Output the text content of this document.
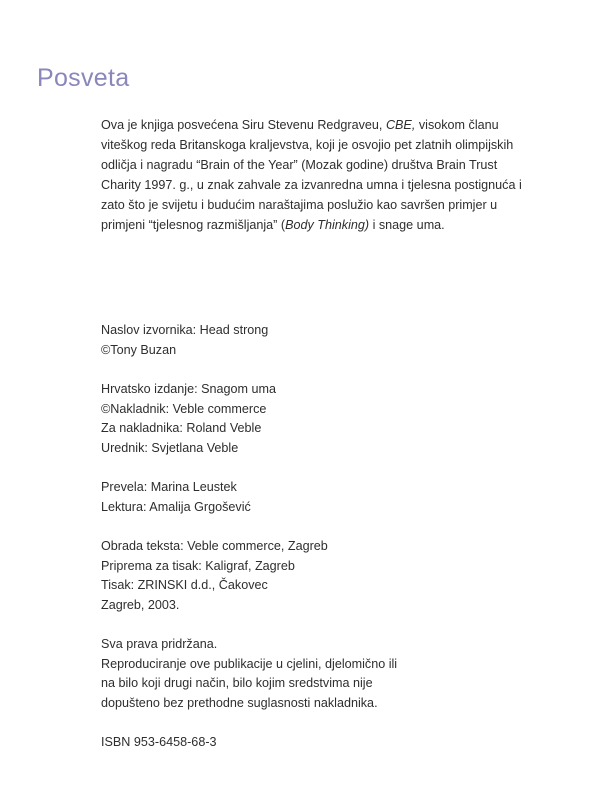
Posveta

Ova je knjiga posvećena Siru Stevenu Redgraveu, CBE, visokom članu
viteškog reda Britanskoga kraljevstva, koji je osvojio pet zlatnih olimpijskih
odličja i nagradu “Brain of the Year” (Mozak godine) društva Brain Trust
Charity 1997. g., u znak zahvale za izvanredna umna i tjelesna postignuća i
zato što je svijetu i budućim naraštajima poslužio kao savršen primjer u
primjeni “tjelesnog razmišljanja” (Body Thinking) i snage uma.

Naslov izvornika: Head strong
©Tony Buzan
Hrvatsko izdanje: Snagom uma
©Nakladnik: Veble commerce
Za nakladnika: Roland Veble
Urednik: Svjetlana Veble
Prevela: Marina Leustek
Lektura: Amalija Grgošević
Obrada teksta: Veble commerce, Zagreb
Priprema za tisak: Kaligraf, Zagreb
Tisak: ZRINSKI d.d., Čakovec
Zagreb, 2003.
Sva prava pridržana.
Reproduciranje ove publikacije u cjelini, djelomično ili
na bilo koji drugi način, bilo kojim sredstvima nije
dopušteno bez prethodne suglasnosti nakladnika.
ISBN 953-6458-68-3
